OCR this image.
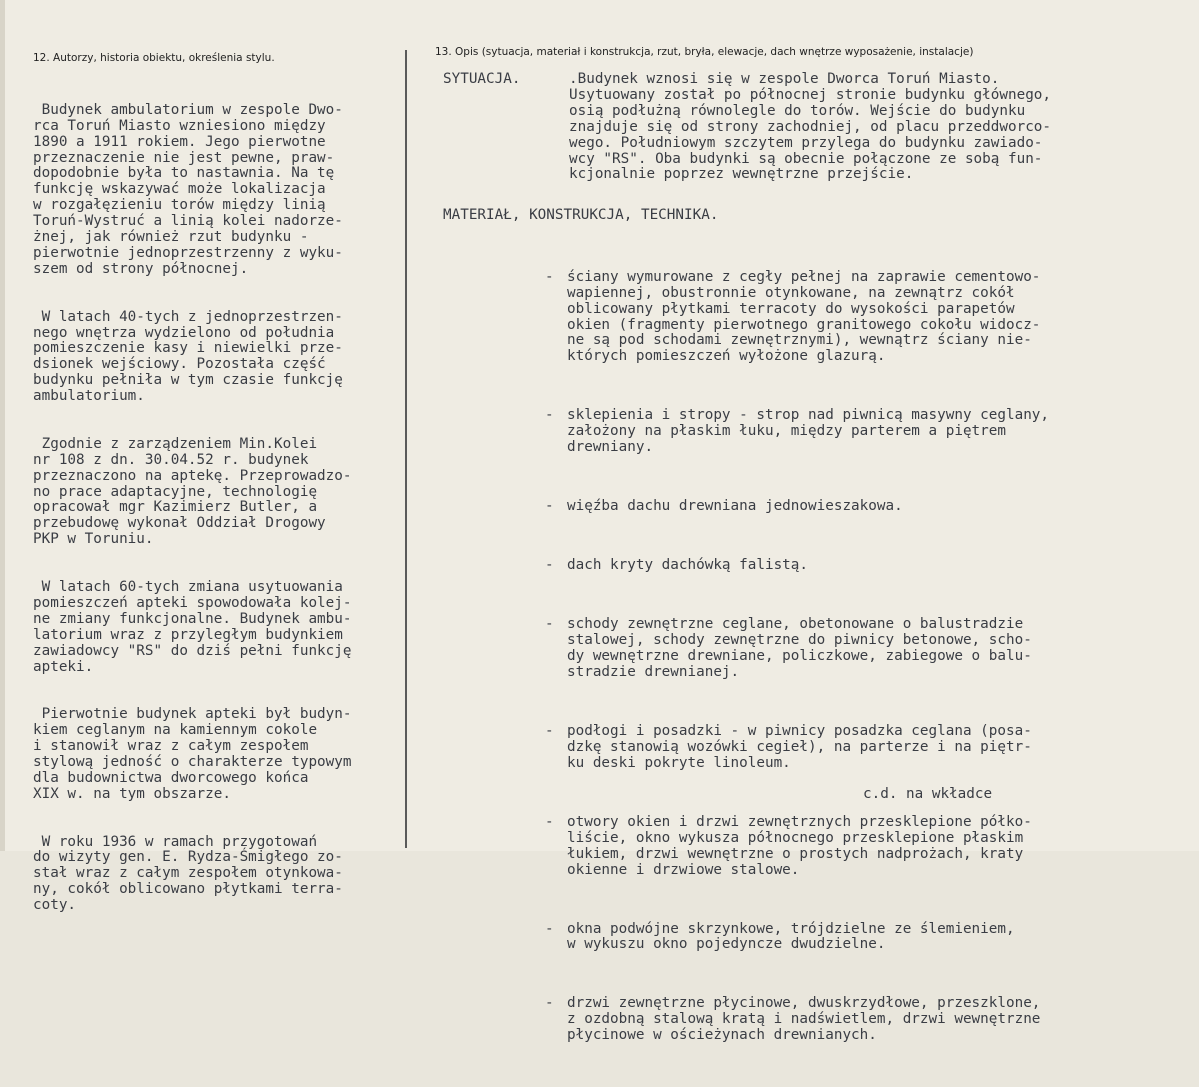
12. Autorzy, historia obiektu, określenia stylu.	13. Opis (sytuacja, materiał i konstrukcja, rzut, bryła, elewacje, dach wnętrze wyposażenie, instalacje)

Budynek ambulatorium w zespole Dwo-
rca Toruń Miasto wzniesiono między
1890 a 1911 rokiem. Jego pierwotne
przeznaczenie nie jest pewne, praw-
dopodobnie była to nastawnia. Na tę
funkcję wskazywać może lokalizacja
w rozgałęzieniu torów między linią
Toruń-Wystruć a linią kolei nadorze-
żnej, jak również rzut budynku -
pierwotnie jednoprzestrzenny z wyku-
szem od strony północnej.

W latach 40-tych z jednoprzestrzen-
nego wnętrza wydzielono od południa
pomieszczenie kasy i niewielki prze-
dsionek wejściowy. Pozostała część
budynku pełniła w tym czasie funkcję
ambulatorium.

Zgodnie z zarządzeniem Min.Kolei
nr 108 z dn. 30.04.52 r. budynek
przeznaczono na aptekę. Przeprowadzo-
no prace adaptacyjne, technologię
opracował mgr Kazimierz Butler, a
przebudowę wykonał Oddział Drogowy
PKP w Toruniu.

W latach 60-tych zmiana usytuowania
pomieszczeń apteki spowodowała kolej-
ne zmiany funkcjonalne. Budynek ambu-
latorium wraz z przyległym budynkiem
zawiadowcy "RS" do dziś pełni funkcję
apteki.

Pierwotnie budynek apteki był budyn-
kiem ceglanym na kamiennym cokole
i stanowił wraz z całym zespołem
stylową jedność o charakterze typowym
dla budownictwa dworcowego końca
XIX w. na tym obszarze.

W roku 1936 w ramach przygotowań
do wizyty gen. E. Rydza-Śmigłego zo-
stał wraz z całym zespołem otynkowa-
ny, cokół oblicowano płytkami terra-
coty.

SYTUACJA.	.Budynek wznosi się w zespole Dworca Toruń Miasto.
Usytuowany został po północnej stronie budynku głównego,
osią podłużną równolegle do torów. Wejście do budynku
znajduje się od strony zachodniej, od placu przeddworco-
wego. Południowym szczytem przylega do budynku zawiado-
wcy "RS". Oba budynki są obecnie połączone ze sobą fun-
kcjonalnie poprzez wewnętrzne przejście.
MATERIAŁ, KONSTRUKCJA, TECHNIKA.

- ściany wymurowane z cegły pełnej na zaprawie cementowo-
wapiennej, obustronnie otynkowane, na zewnątrz cokół
oblicowany płytkami terracoty do wysokości parapetów
okien (fragmenty pierwotnego granitowego cokołu widocz-
ne są pod schodami zewnętrznymi), wewnątrz ściany nie-
których pomieszczeń wyłożone glazurą.

- sklepienia i stropy - strop nad piwnicą masywny ceglany,
założony na płaskim łuku, między parterem a piętrem
drewniany.

- więźba dachu drewniana jednowieszakowa.

- dach kryty dachówką falistą.

- schody zewnętrzne ceglane, obetonowane o balustradzie
stalowej, schody zewnętrzne do piwnicy betonowe, scho-
dy wewnętrzne drewniane, policzkowe, zabiegowe o balu-
stradzie drewnianej.

- podłogi i posadzki - w piwnicy posadzka ceglana (posa-
dzkę stanowią wozówki cegieł), na parterze i na piętr-
ku deski pokryte linoleum.

- otwory okien i drzwi zewnętrznych przesklepione półko-
liście, okno wykusza północnego przesklepione płaskim
łukiem, drzwi wewnętrzne o prostych nadprożach, kraty
okienne i drzwiowe stalowe.

- okna podwójne skrzynkowe, trójdzielne ze ślemieniem,
w wykuszu okno pojedyncze dwudzielne.

- drzwi zewnętrzne płycinowe, dwuskrzydłowe, przeszklone,
z ozdobną stalową kratą i nadświetlem, drzwi wewnętrzne
płycinowe w ościeżynach drewnianych.

c.d. na wkładce
